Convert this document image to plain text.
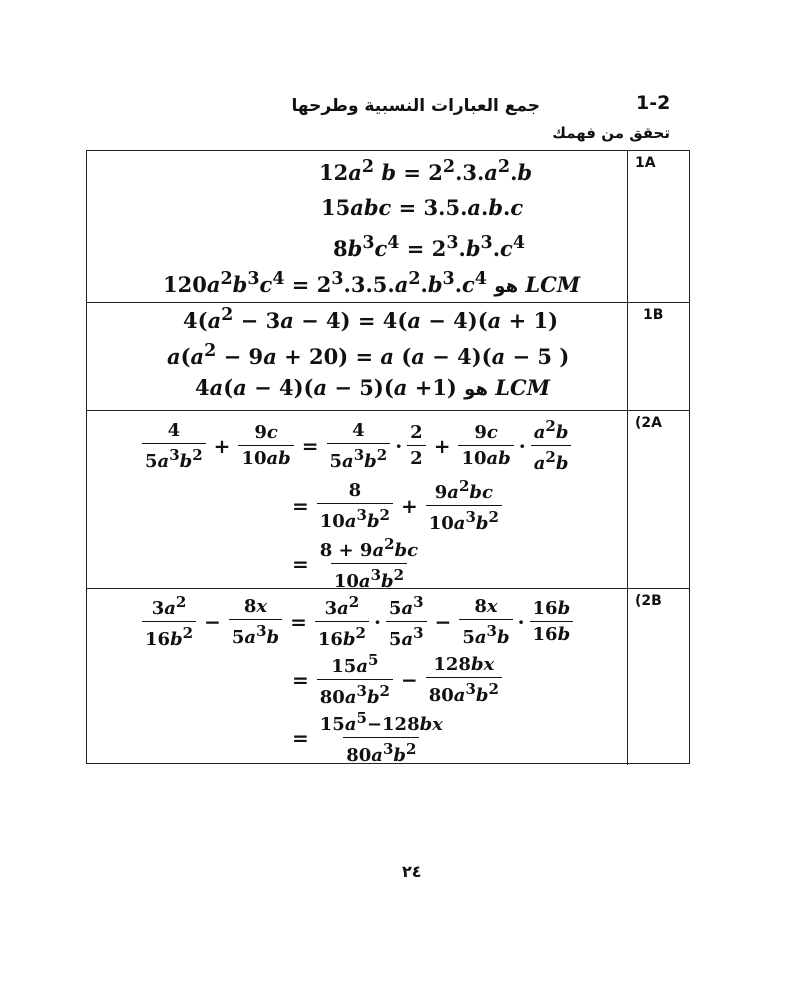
1-2
جمع العبارات النسبية وطرحها
تحقق من فهمك
1A
$12a^2$ $b = 2^2.3.a^2.b$
15abc = 3.5.a.b.c
$8b^3c^4 = 2^3.b^3.c^4$
$120a^2b^3c^4 = 2^3.3.5.a^2.b^3.c^4$ هو LCM
1B
$4(a^2 - 3a - 4) = 4(a - 4)(a + 1)$
$a(a^2 - 9a + 20) = a$ (a − 4)(a − 5 )
4a(a − 4)(a − 5)(a +1) هو LCM
(2A
$\frac{4}{5a^3b^2} + \frac{9c}{10ab} = \frac{4}{5a^3b^2} \cdot \frac{2}{2} + \frac{9c}{10ab} \cdot \frac{a^2b}{a^2b}$
= $\frac{8}{10a^3b^2} + \frac{9a^2bc}{10a^3b^2}$
= $\frac{8 + 9a^2bc}{10a^3b^2}$
(2B
$\frac{3a^2}{16b^2} - \frac{8x}{5a^3b} = \frac{3a^2}{16b^2} \cdot \frac{5a^3}{5a^3} - \frac{8x}{5a^3b} \cdot \frac{16b}{16b}$
= $\frac{15a^5}{80a^3b^2} - \frac{128bx}{80a^3b^2}$
= $\frac{15a^5-128bx}{80a^3b^2}$
٢٤
